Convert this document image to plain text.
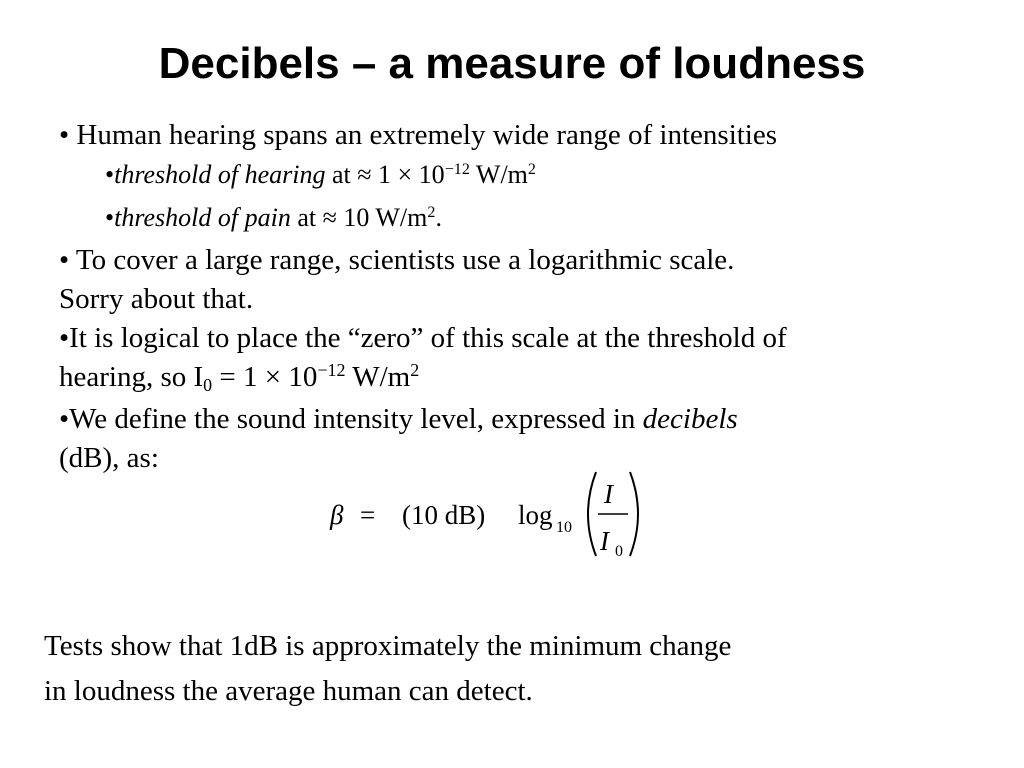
Decibels – a measure of loudness
• Human hearing spans an extremely wide range of intensities
•threshold of hearing at ≈ $1 \times 10^{-12}$ $W/m^2$
•threshold of pain at ≈ 10 $W/m^2$.
• To cover a large range, scientists use a logarithmic scale.
Sorry about that.
•It is logical to place the “zero” of this scale at the threshold of
hearing, so $I_0 = 1 \times 10^{-12}$ $W/m^2$
•We define the sound intensity level, expressed in decibels
(dB), as:
β = (10 dB) log 10
I
I 0
Tests show that 1dB is approximately the minimum change
in loudness the average human can detect.
